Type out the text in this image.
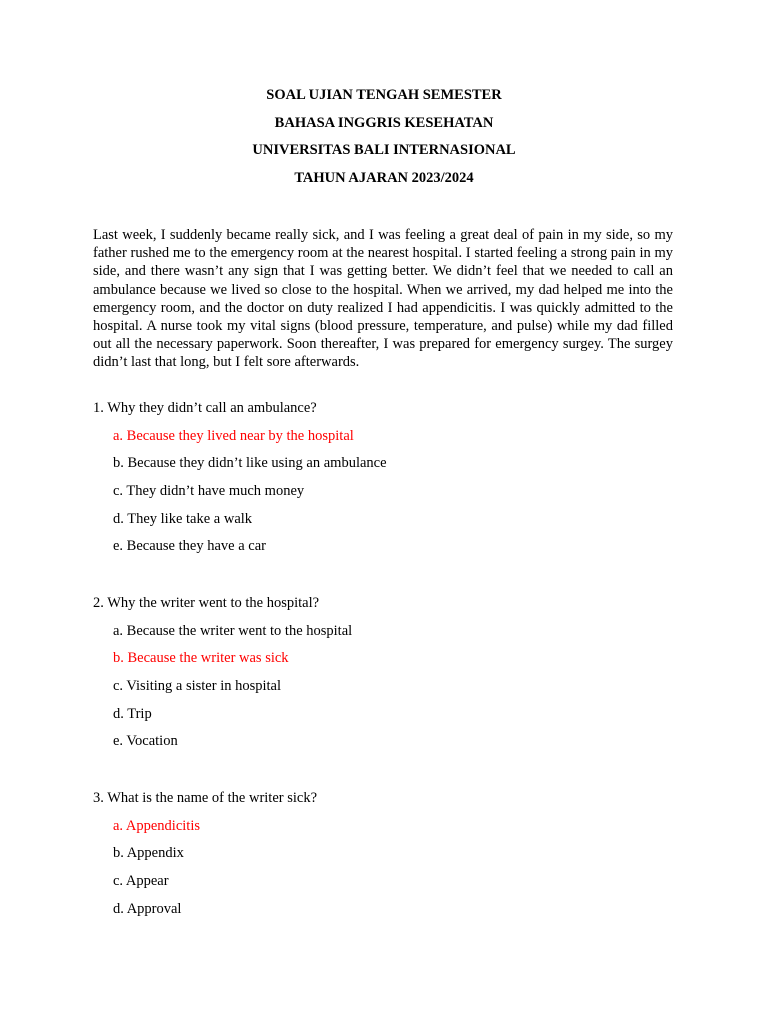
SOAL UJIAN TENGAH SEMESTER
BAHASA INGGRIS KESEHATAN
UNIVERSITAS BALI INTERNASIONAL
TAHUN AJARAN 2023/2024

Last week, I suddenly became really sick, and I was feeling a great deal of pain in my side, so my father rushed me to the emergency room at the nearest hospital. I started feeling a strong pain in my side, and there wasn’t any sign that I was getting better. We didn’t feel that we needed to call an ambulance because we lived so close to the hospital. When we arrived, my dad helped me into the emergency room, and the doctor on duty realized I had appendicitis. I was quickly admitted to the hospital. A nurse took my vital signs (blood pressure, temperature, and pulse) while my dad filled out all the necessary paperwork. Soon thereafter, I was prepared for emergency surgey. The surgey didn’t last that long, but I felt sore afterwards.

1. Why they didn’t call an ambulance?
a. Because they lived near by the hospital
b. Because they didn’t like using an ambulance
c. They didn’t have much money
d. They like take a walk
e. Because they have a car
2. Why the writer went to the hospital?
a. Because the writer went to the hospital
b. Because the writer was sick
c. Visiting a sister in hospital
d. Trip
e. Vocation
3. What is the name of the writer sick?
a. Appendicitis
b. Appendix
c. Appear
d. Approval
